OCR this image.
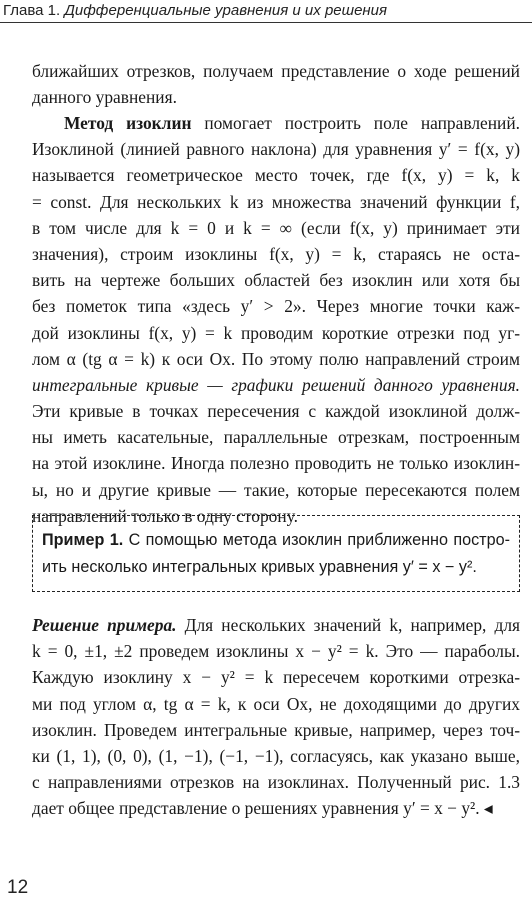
Глава 1. Дифференциальные уравнения и их решения
ближайших отрезков, получаем представление о ходе решений
данного уравнения.
Метод изоклин помогает построить поле направлений.
Изоклиной (линией равного наклона) для уравнения y′ = f(x, y)
называется геометрическое место точек, где f(x, y) = k, k
= const. Для нескольких k из множества значений функции f,
в том числе для k = 0 и k = ∞ (если f(x, y) принимает эти
значения), строим изоклины f(x, y) = k, стараясь не оста-
вить на чертеже больших областей без изоклин или хотя бы
без пометок типа «здесь y′ > 2». Через многие точки каж-
дой изоклины f(x, y) = k проводим короткие отрезки под уг-
лом α (tg α = k) к оси Ox. По этому полю направлений строим
интегральные кривые — графики решений данного уравнения.
Эти кривые в точках пересечения с каждой изоклиной долж-
ны иметь касательные, параллельные отрезкам, построенным
на этой изоклине. Иногда полезно проводить не только изоклин-
ы, но и другие кривые — такие, которые пересекаются полем
направлений только в одну сторону.
Пример 1. С помощью метода изоклин приближенно постро-
ить несколько интегральных кривых уравнения y′ = x − y².
Решение примера. Для нескольких значений k, например, для
k = 0, ±1, ±2 проведем изоклины x − y² = k. Это — параболы.
Каждую изоклину x − y² = k пересечем короткими отрезка-
ми под углом α, tg α = k, к оси Ox, не доходящими до других
изоклин. Проведем интегральные кривые, например, через точ-
ки (1, 1), (0, 0), (1, −1), (−1, −1), согласуясь, как указано выше,
с направлениями отрезков на изоклинах. Полученный рис. 1.3
дает общее представление о решениях уравнения y′ = x − y². ◂
12
